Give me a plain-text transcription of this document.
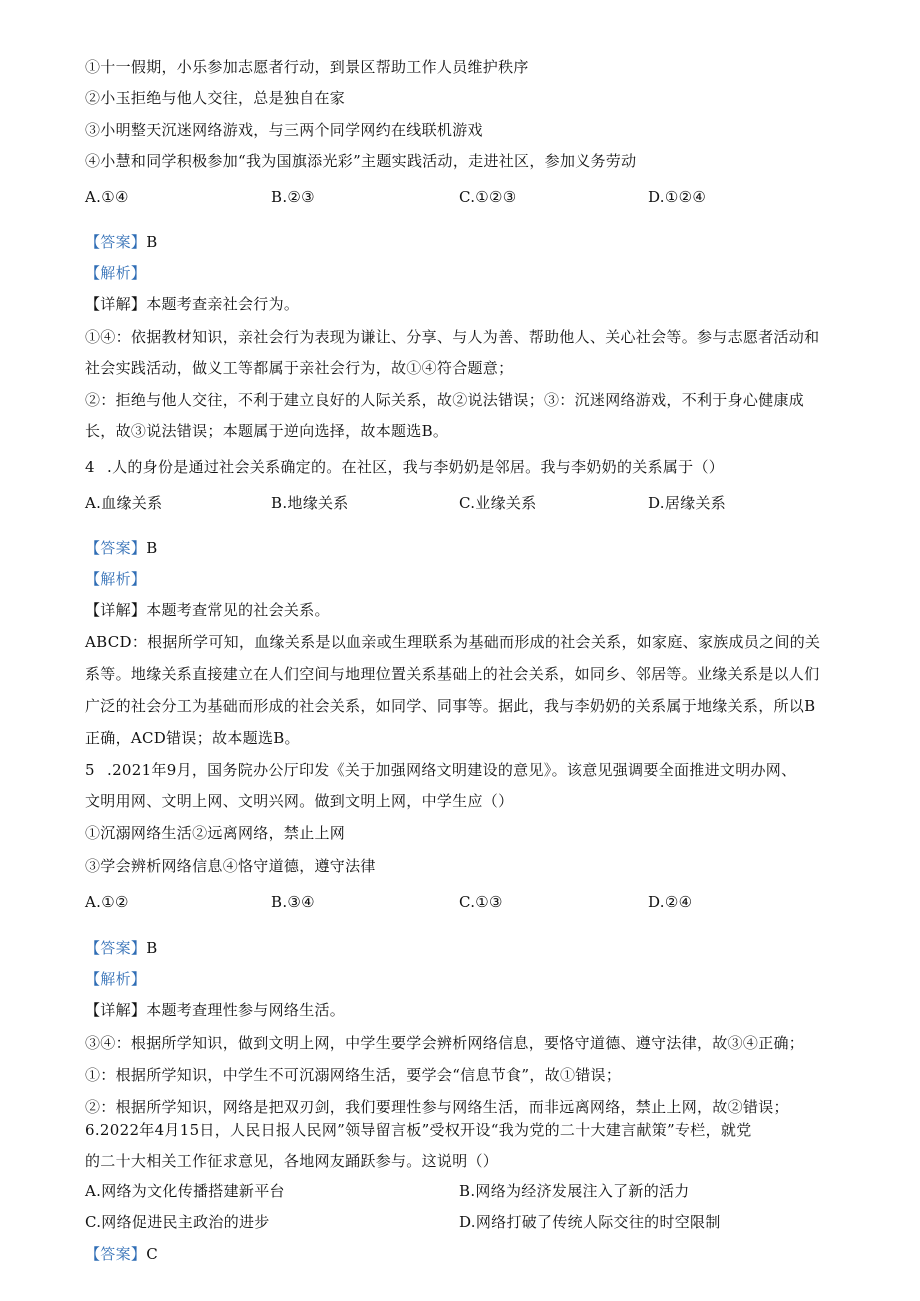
①十一假期，小乐参加志愿者行动，到景区帮助工作人员维护秩序
②小玉拒绝与他人交往，总是独自在家
③小明整天沉迷网络游戏，与三两个同学网约在线联机游戏
④小慧和同学积极参加“我为国旗添光彩”主题实践活动，走进社区，参加义务劳动
A.①④	B.②③	C.①②③	D.①②④
【答案】B
【解析】
【详解】本题考查亲社会行为。
①④：依据教材知识，亲社会行为表现为谦让、分享、与人为善、帮助他人、关心社会等。参与志愿者活动和
社会实践活动，做义工等都属于亲社会行为，故①④符合题意；
②：拒绝与他人交往，不利于建立良好的人际关系，故②说法错误；③：沉迷网络游戏，不利于身心健康成
长，故③说法错误；本题属于逆向选择，故本题选B。
4 .人的身份是通过社会关系确定的。在社区，我与李奶奶是邻居。我与李奶奶的关系属于（）
A.血缘关系	B.地缘关系	C.业缘关系	D.居缘关系
【答案】B
【解析】
【详解】本题考查常见的社会关系。
ABCD：根据所学可知，血缘关系是以血亲或生理联系为基础而形成的社会关系，如家庭、家族成员之间的关
系等。地缘关系直接建立在人们空间与地理位置关系基础上的社会关系，如同乡、邻居等。业缘关系是以人们
广泛的社会分工为基础而形成的社会关系，如同学、同事等。据此，我与李奶奶的关系属于地缘关系，所以B
正确，ACD错误；故本题选B。
5 .2021年9月，国务院办公厅印发《关于加强网络文明建设的意见》。该意见强调要全面推进文明办网、
文明用网、文明上网、文明兴网。做到文明上网，中学生应（）
①沉溺网络生活②远离网络，禁止上网
③学会辨析网络信息④恪守道德，遵守法律
A.①②	B.③④	C.①③	D.②④
【答案】B
【解析】
【详解】本题考查理性参与网络生活。
③④：根据所学知识，做到文明上网，中学生要学会辨析网络信息，要恪守道德、遵守法律，故③④正确；
①：根据所学知识，中学生不可沉溺网络生活，要学会“信息节食”，故①错误；
②：根据所学知识，网络是把双刃剑，我们要理性参与网络生活，而非远离网络，禁止上网，故②错误；
6.2022年4月15日，人民日报人民网”领导留言板”受权开设“我为党的二十大建言献策”专栏，就党
的二十大相关工作征求意见，各地网友踊跃参与。这说明（）
A.网络为文化传播搭建新平台	B.网络为经济发展注入了新的活力
C.网络促进民主政治的进步	D.网络打破了传统人际交往的时空限制
【答案】C
